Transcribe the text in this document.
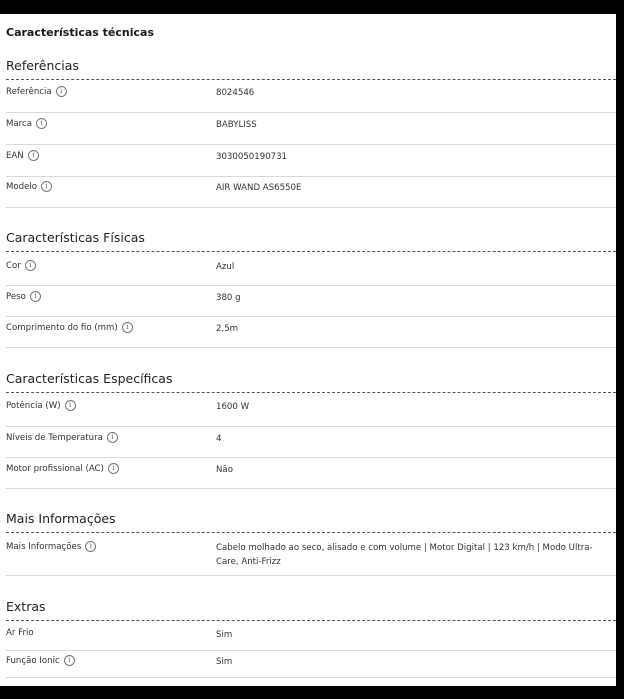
Características técnicas
Referências
Referência	i	8024546
Marca	i	BABYLISS
EAN	i	3030050190731
Modelo	i	AIR WAND AS6550E
Características Físicas
Cor	i	Azul
Peso	i	380 g
Comprimento do fio (mm)	i	2,5m
Características Específicas
Potência (W)	i	1600 W
Níveis de Temperatura	i	4
Motor profissional (AC)	i	Não
Mais Informações
Mais Informações	i	Cabelo molhado ao seco, alisado e com volume | Motor Digital | 123 km/h | Modo Ultra-Care, Anti-Frizz
Extras
Ar Frio	Sim
Função Ionic	i	Sim
